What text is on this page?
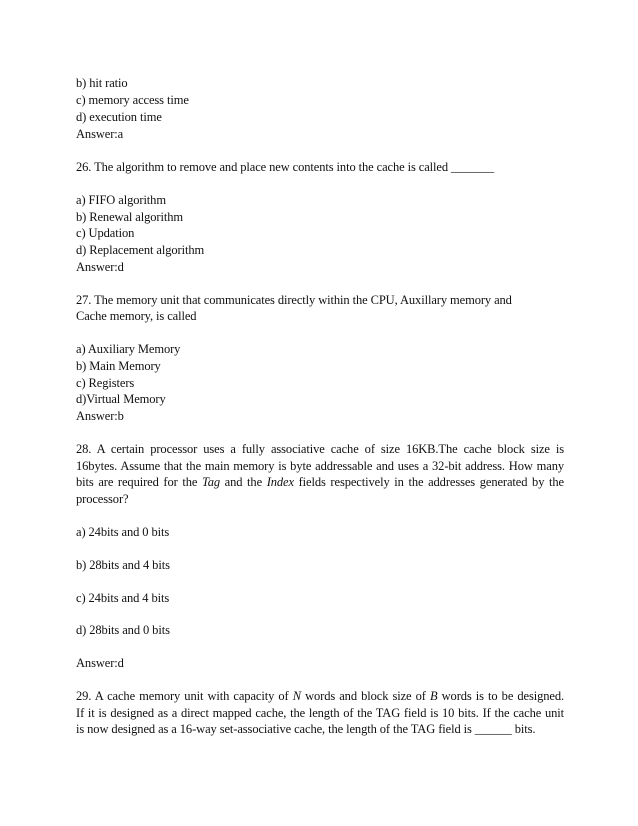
b) hit ratio
c) memory access time
d) execution time
Answer:a
26. The algorithm to remove and place new contents into the cache is called _______
a) FIFO algorithm
b) Renewal algorithm
c) Updation
d) Replacement algorithm
Answer:d
27. The memory unit that communicates directly within the CPU, Auxillary memory and
Cache memory, is called
a) Auxiliary Memory
b) Main Memory
c) Registers
d)Virtual Memory
Answer:b
28. A certain processor uses a fully associative cache of size 16KB.The cache block size is
16bytes. Assume that the main memory is byte addressable and uses a 32-bit address. How many
bits are required for the Tag and the Index fields respectively in the addresses generated by the
processor?
a) 24bits and 0 bits
b) 28bits and 4 bits
c) 24bits and 4 bits
d) 28bits and 0 bits
Answer:d
29. A cache memory unit with capacity of N words and block size of B words is to be designed.
If it is designed as a direct mapped cache, the length of the TAG field is 10 bits. If the cache unit
is now designed as a 16-way set-associative cache, the length of the TAG field is ______ bits.
